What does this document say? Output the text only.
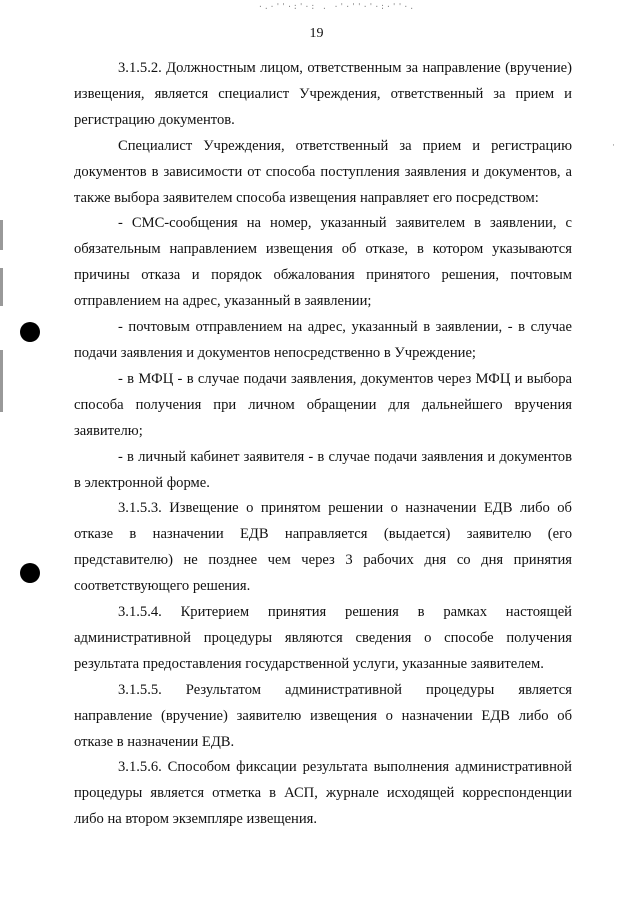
·.·''·:'·: . ·'·''·'·:·''·.
19
·

3.1.5.2. Должностным лицом, ответственным за направление (вручение) извещения, является специалист Учреждения, ответственный за прием и регистрацию документов.

Специалист Учреждения, ответственный за прием и регистрацию документов в зависимости от способа поступления заявления и документов, а также выбора заявителем способа извещения направляет его посредством:

- СМС-сообщения на номер, указанный заявителем в заявлении, с обязательным направлением извещения об отказе, в котором указываются причины отказа и порядок обжалования принятого решения, почтовым отправлением на адрес, указанный в заявлении;

- почтовым отправлением на адрес, указанный в заявлении, - в случае подачи заявления и документов непосредственно в Учреждение;

- в МФЦ - в случае подачи заявления, документов через МФЦ и выбора способа получения при личном обращении для дальнейшего вручения заявителю;

- в личный кабинет заявителя - в случае подачи заявления и документов в электронной форме.

3.1.5.3. Извещение о принятом решении о назначении ЕДВ либо об отказе в назначении ЕДВ направляется (выдается) заявителю (его представителю) не позднее чем через 3 рабочих дня со дня принятия соответствующего решения.

3.1.5.4. Критерием принятия решения в рамках настоящей административной процедуры являются сведения о способе получения результата предоставления государственной услуги, указанные заявителем.

3.1.5.5. Результатом административной процедуры является направление (вручение) заявителю извещения о назначении ЕДВ либо об отказе в назначении ЕДВ.

3.1.5.6. Способом фиксации результата выполнения административной процедуры является отметка в АСП, журнале исходящей корреспонденции либо на втором экземпляре извещения.
